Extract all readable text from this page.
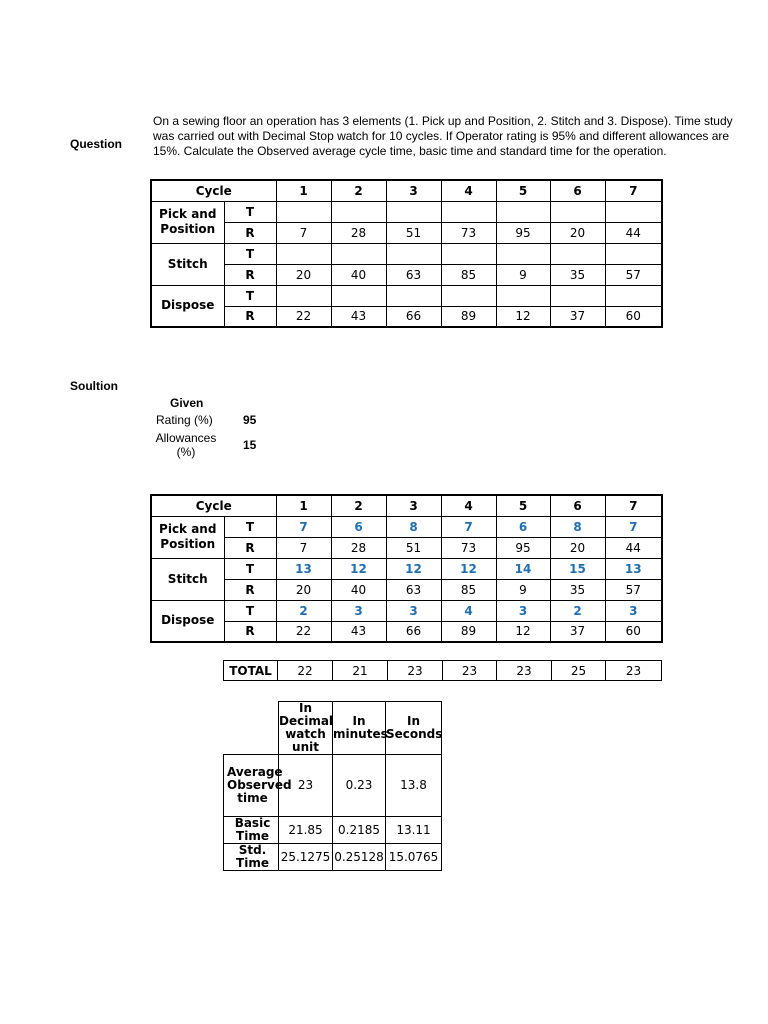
Question
On a sewing floor an operation has 3 elements (1. Pick up and Position, 2. Stitch and 3. Dispose). Time study
was carried out with Decimal Stop watch for 10 cycles. If Operator rating is 95% and different allowances are
15%. Calculate the Observed average cycle time, basic time and standard time for the operation.
Cycle		1	2	3	4	5	6	7
Pick and Position	T							
	R	7	28	51	73	95	20	44
Stitch	T							
	R	20	40	63	85	9	35	57
Dispose	T							
	R	22	43	66	89	12	37	60
Soultion
Given
Rating (%)	95
Allowances (%)	15
Cycle		1	2	3	4	5	6	7
Pick and Position	T	7	6	8	7	6	8	7
	R	7	28	51	73	95	20	44
Stitch	T	13	12	12	12	14	15	13
	R	20	40	63	85	9	35	57
Dispose	T	2	3	3	4	3	2	3
	R	22	43	66	89	12	37	60
TOTAL	22	21	23	23	23	25	23
	In Decimal watch unit	In minutes	In Seconds
Average Observed time	23	0.23	13.8
Basic Time	21.85	0.2185	13.11
Std. Time	25.1275	0.25128	15.0765
